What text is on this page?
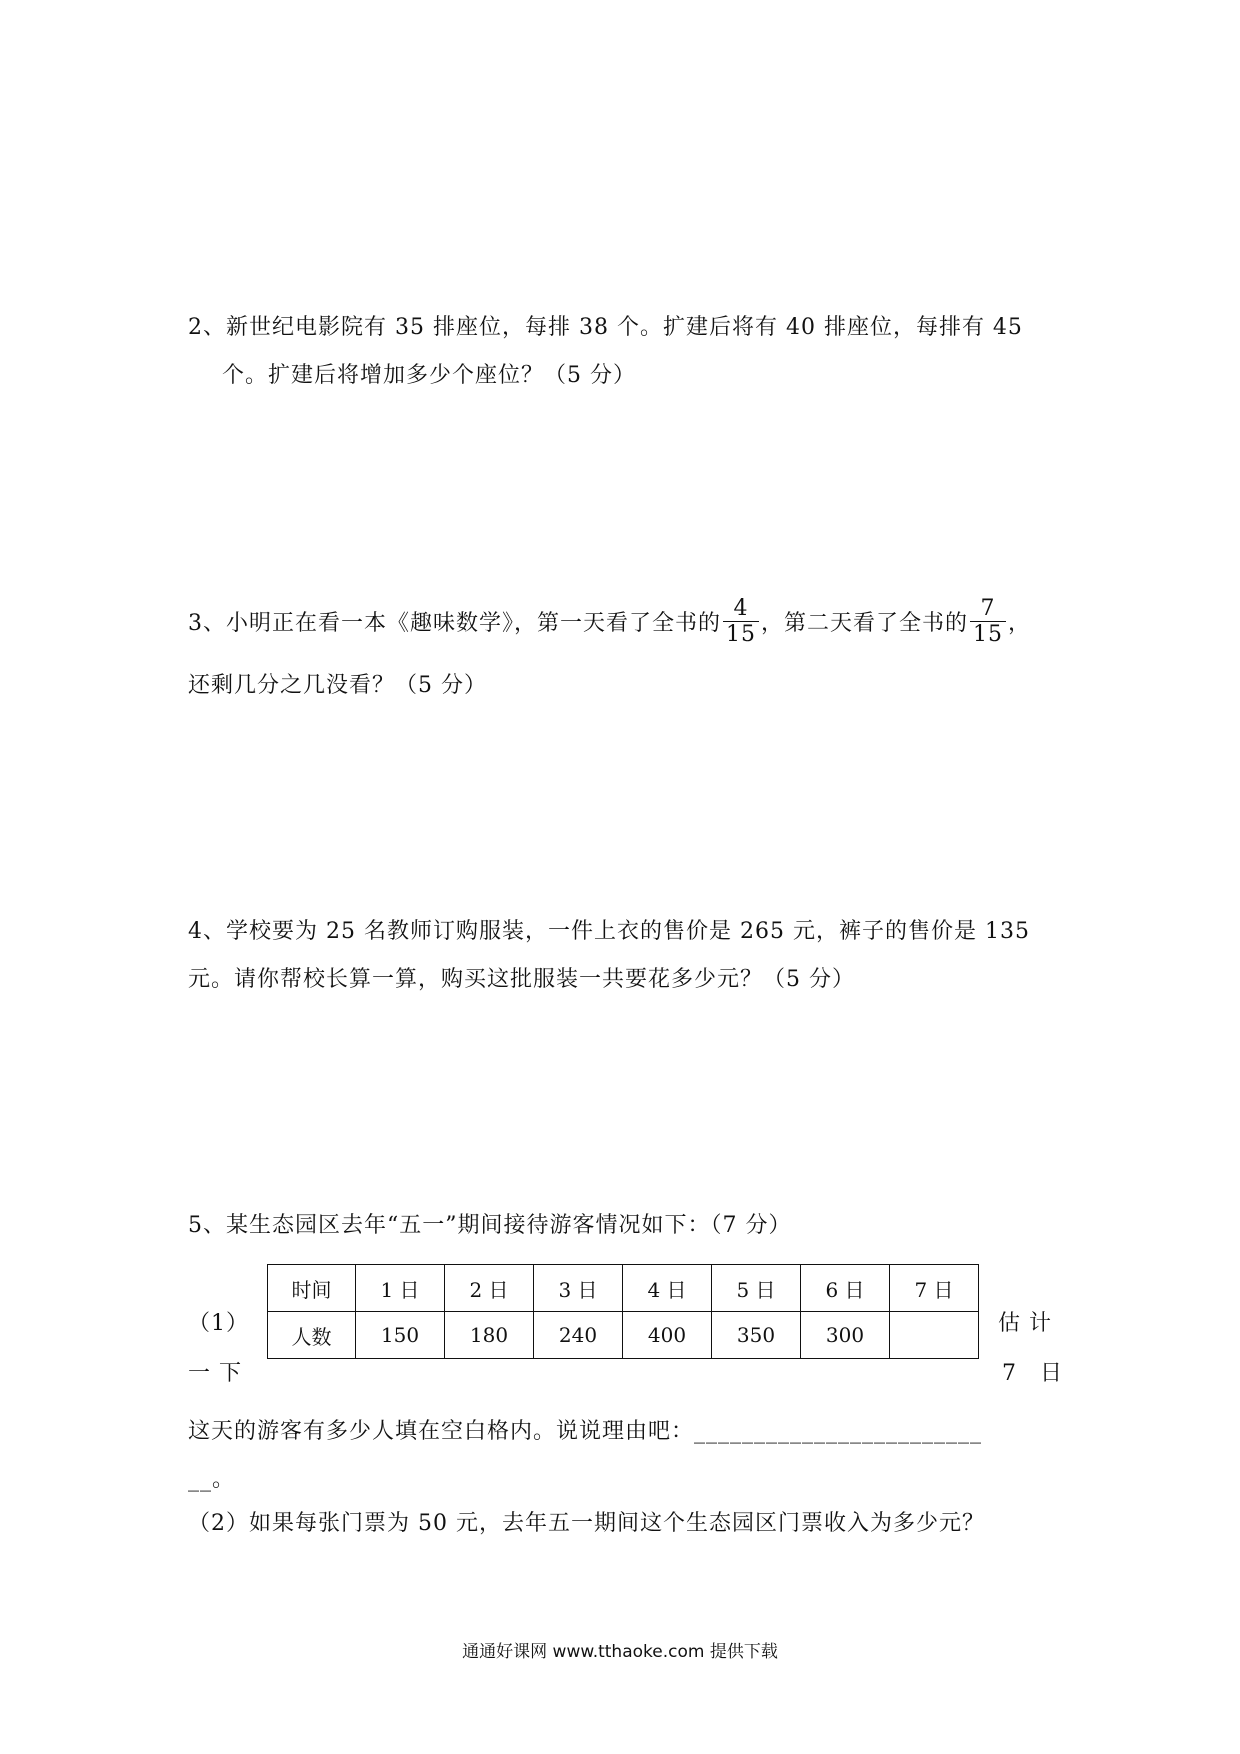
2、新世纪电影院有 35 排座位，每排 38 个。扩建后将有 40 排座位，每排有 45
个。扩建后将增加多少个座位？（5 分）
3、小明正在看一本《趣味数学》，第一天看了全书的 $\frac{4}{15}$ ，第二天看了全书的 $\frac{7}{15}$ ，
还剩几分之几没看？（5 分）
4、学校要为 25 名教师订购服装，一件上衣的售价是 265 元，裤子的售价是 135
元。请你帮校长算一算，购买这批服装一共要花多少元？（5 分）
5、某生态园区去年“五一”期间接待游客情况如下：（7 分）
（1）	估 计
一 下	7　日
时间	1 日	2 日	3 日	4 日	5 日	6 日	7 日
人数	150	180	240	400	350	300	
这天的游客有多少人填在空白格内。说说理由吧：________________________
__。
（2）如果每张门票为 50 元，去年五一期间这个生态园区门票收入为多少元？
通通好课网 www.tthaoke.com 提供下载
